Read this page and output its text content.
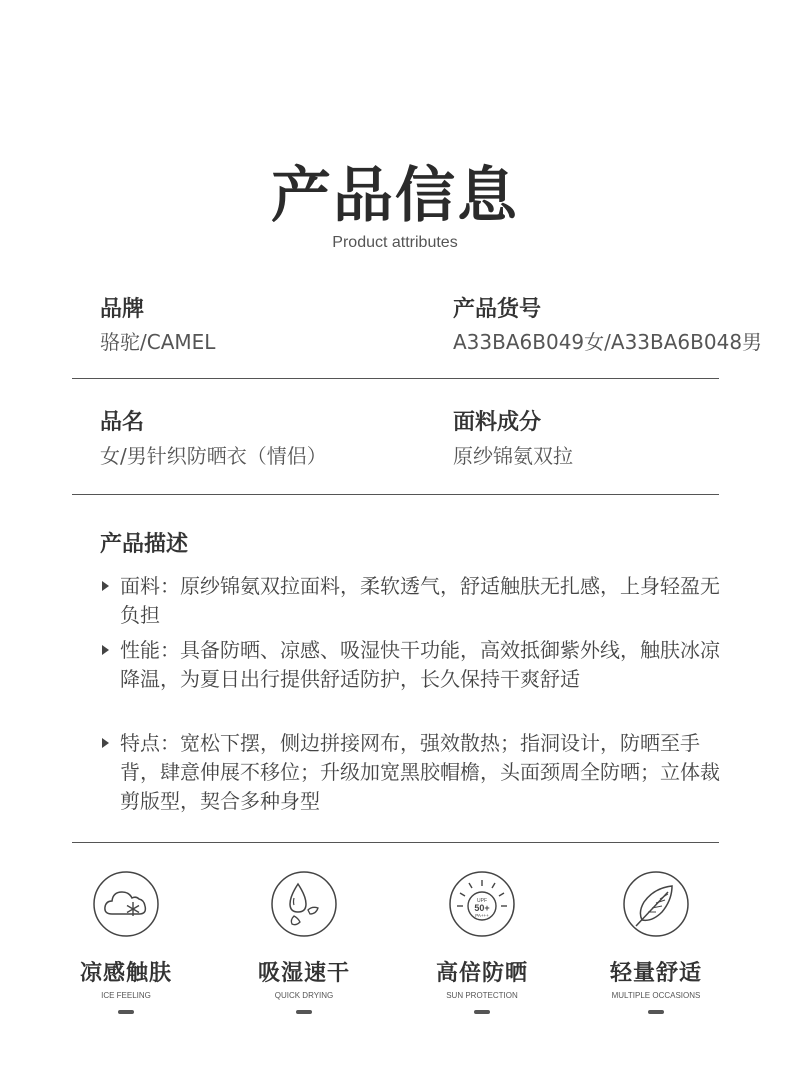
产品信息
Product attributes
品牌
骆驼/CAMEL
产品货号
A33BA6B049女/A33BA6B048男
品名
女/男针织防晒衣（情侣）
面料成分
原纱锦氨双拉
产品描述
面料：原纱锦氨双拉面料，柔软透气，舒适触肤无扎感，上身轻盈无负担
性能：具备防晒、凉感、吸湿快干功能，高效抵御紫外线，触肤冰凉降温，为夏日出行提供舒适防护，长久保持干爽舒适
特点：宽松下摆，侧边拼接网布，强效散热；指洞设计，防晒至手背，肆意伸展不移位；升级加宽黑胶帽檐，头面颈周全防晒；立体裁剪版型，契合多种身型
凉感触肤
ICE FEELING
吸湿速干
QUICK DRYING
UPF
50+
PA+++
高倍防晒
SUN PROTECTION
轻量舒适
MULTIPLE OCCASIONS
